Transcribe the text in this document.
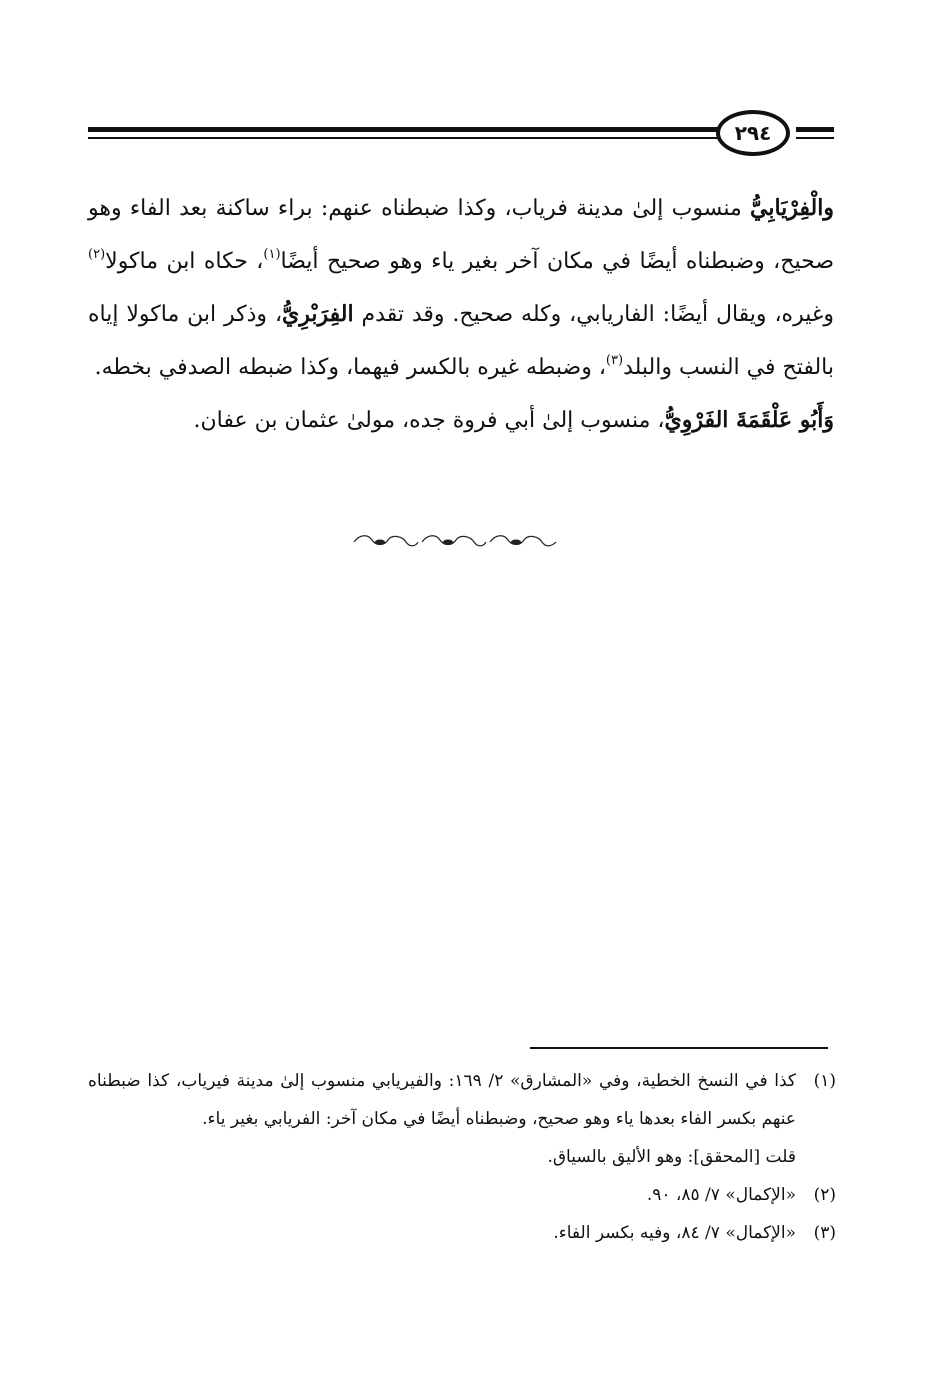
٢٩٤

والْفِرْيَابِيُّ منسوب إلىٰ مدينة فرياب، وكذا ضبطناه عنهم: براء ساكنة بعد الفاء وهو صحيح، وضبطناه أيضًا في مكان آخر بغير ياء وهو صحيح أيضًا$^{(١)}$، حكاه ابن ماكولا$^{(٢)}$ وغيره، ويقال أيضًا: الفاريابي، وكله صحيح. وقد تقدم الفِرَبْرِيُّ، وذكر ابن ماكولا إياه بالفتح في النسب والبلد$^{(٣)}$، وضبطه غيره بالكسر فيهما، وكذا ضبطه الصدفي بخطه.

وَأَبُو عَلْقَمَةَ الفَرْوِيُّ، منسوب إلىٰ أبي فروة جده، مولىٰ عثمان بن عفان.

(١)

كذا في النسخ الخطية، وفي «المشارق» ٢/ ١٦٩: والفيريابي منسوب إلىٰ مدينة فيرياب، كذا ضبطناه عنهم بكسر الفاء بعدها ياء وهو صحيح، وضبطناه أيضًا في مكان آخر: الفريابي بغير ياء.

قلت [المحقق]: وهو الأليق بالسياق.

(٢)

«الإكمال» ٧/ ٨٥، ٩٠.

(٣)

«الإكمال» ٧/ ٨٤، وفيه بكسر الفاء.
